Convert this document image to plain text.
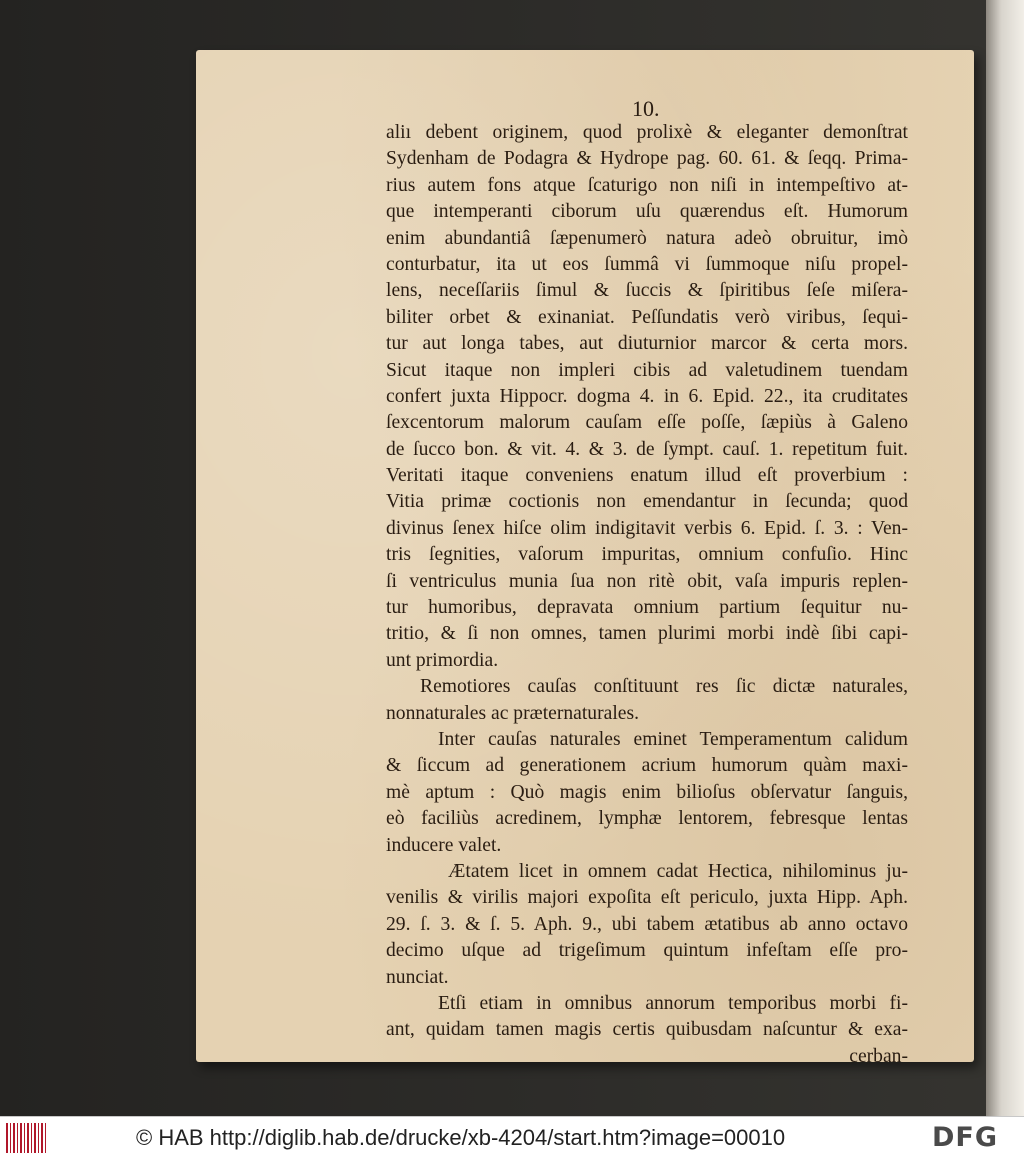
10.
aliı debent originem, quod prolixè & eleganter demonſtrat
Sydenham de Podagra & Hydrope pag. 60. 61. & ſeqq. Prima-
rius autem fons atque ſcaturigo non niſi in intempeſtivo at-
que intemperanti ciborum uſu quærendus eſt. Humorum
enim abundantiâ ſæpenumerò natura adeò obruitur, imò
conturbatur, ita ut eos ſummâ vi ſummoque niſu propel-
lens, neceſſariis ſimul & ſuccis & ſpiritibus ſeſe miſera-
biliter orbet & exinaniat. Peſſundatis verò viribus, ſequi-
tur aut longa tabes, aut diuturnior marcor & certa mors.
Sicut itaque non impleri cibis ad valetudinem tuendam
confert juxta Hippocr. dogma 4. in 6. Epid. 22., ita cruditates
ſexcentorum malorum cauſam eſſe poſſe, ſæpiùs à Galeno
de ſucco bon. & vit. 4. & 3. de ſympt. cauſ. 1. repetitum fuit.
Veritati itaque conveniens enatum illud eſt proverbium :
Vitia primæ coctionis non emendantur in ſecunda; quod
divinus ſenex hiſce olim indigitavit verbis 6. Epid. ſ. 3. : Ven-
tris ſegnities, vaſorum impuritas, omnium confuſio. Hinc
ſi ventriculus munia ſua non ritè obit, vaſa impuris replen-
tur humoribus, depravata omnium partium ſequitur nu-
tritio, & ſi non omnes, tamen plurimi morbi indè ſibi capi-
unt primordia.
Remotiores cauſas conſtituunt res ſic dictæ naturales,
nonnaturales ac præternaturales.
Inter cauſas naturales eminet Temperamentum calidum
& ſiccum ad generationem acrium humorum quàm maxi-
mè aptum : Quò magis enim bilioſus obſervatur ſanguis,
eò faciliùs acredinem, lymphæ lentorem, febresque lentas
inducere valet.
Ætatem licet in omnem cadat Hectica, nihilominus ju-
venilis & virilis majori expoſita eſt periculo, juxta Hipp. Aph.
29. ſ. 3. & ſ. 5. Aph. 9., ubi tabem ætatibus ab anno octavo
decimo uſque ad trigeſimum quintum infeſtam eſſe pro-
nunciat.
Etſi etiam in omnibus annorum temporibus morbi fi-
ant, quidam tamen magis certis quibusdam naſcuntur & exa-
cerban-
© HAB http://diglib.hab.de/drucke/xb-4204/start.htm?image=00010	DFG
